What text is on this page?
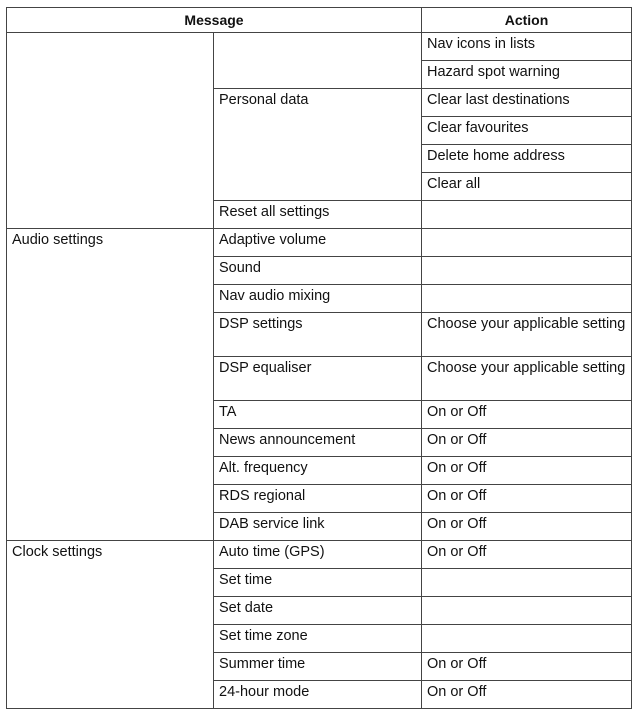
Message		Action
		Nav icons in lists
		Hazard spot warning
	Personal data	Clear last destinations
		Clear favourites
		Delete home address
		Clear all
	Reset all settings	
Audio settings	Adaptive volume	
	Sound	
	Nav audio mixing	
	DSP settings	Choose your applicable setting
	DSP equaliser	Choose your applicable setting
	TA	On or Off
	News announcement	On or Off
	Alt. frequency	On or Off
	RDS regional	On or Off
	DAB service link	On or Off
Clock settings	Auto time (GPS)	On or Off
	Set time	
	Set date	
	Set time zone	
	Summer time	On or Off
	24-hour mode	On or Off
